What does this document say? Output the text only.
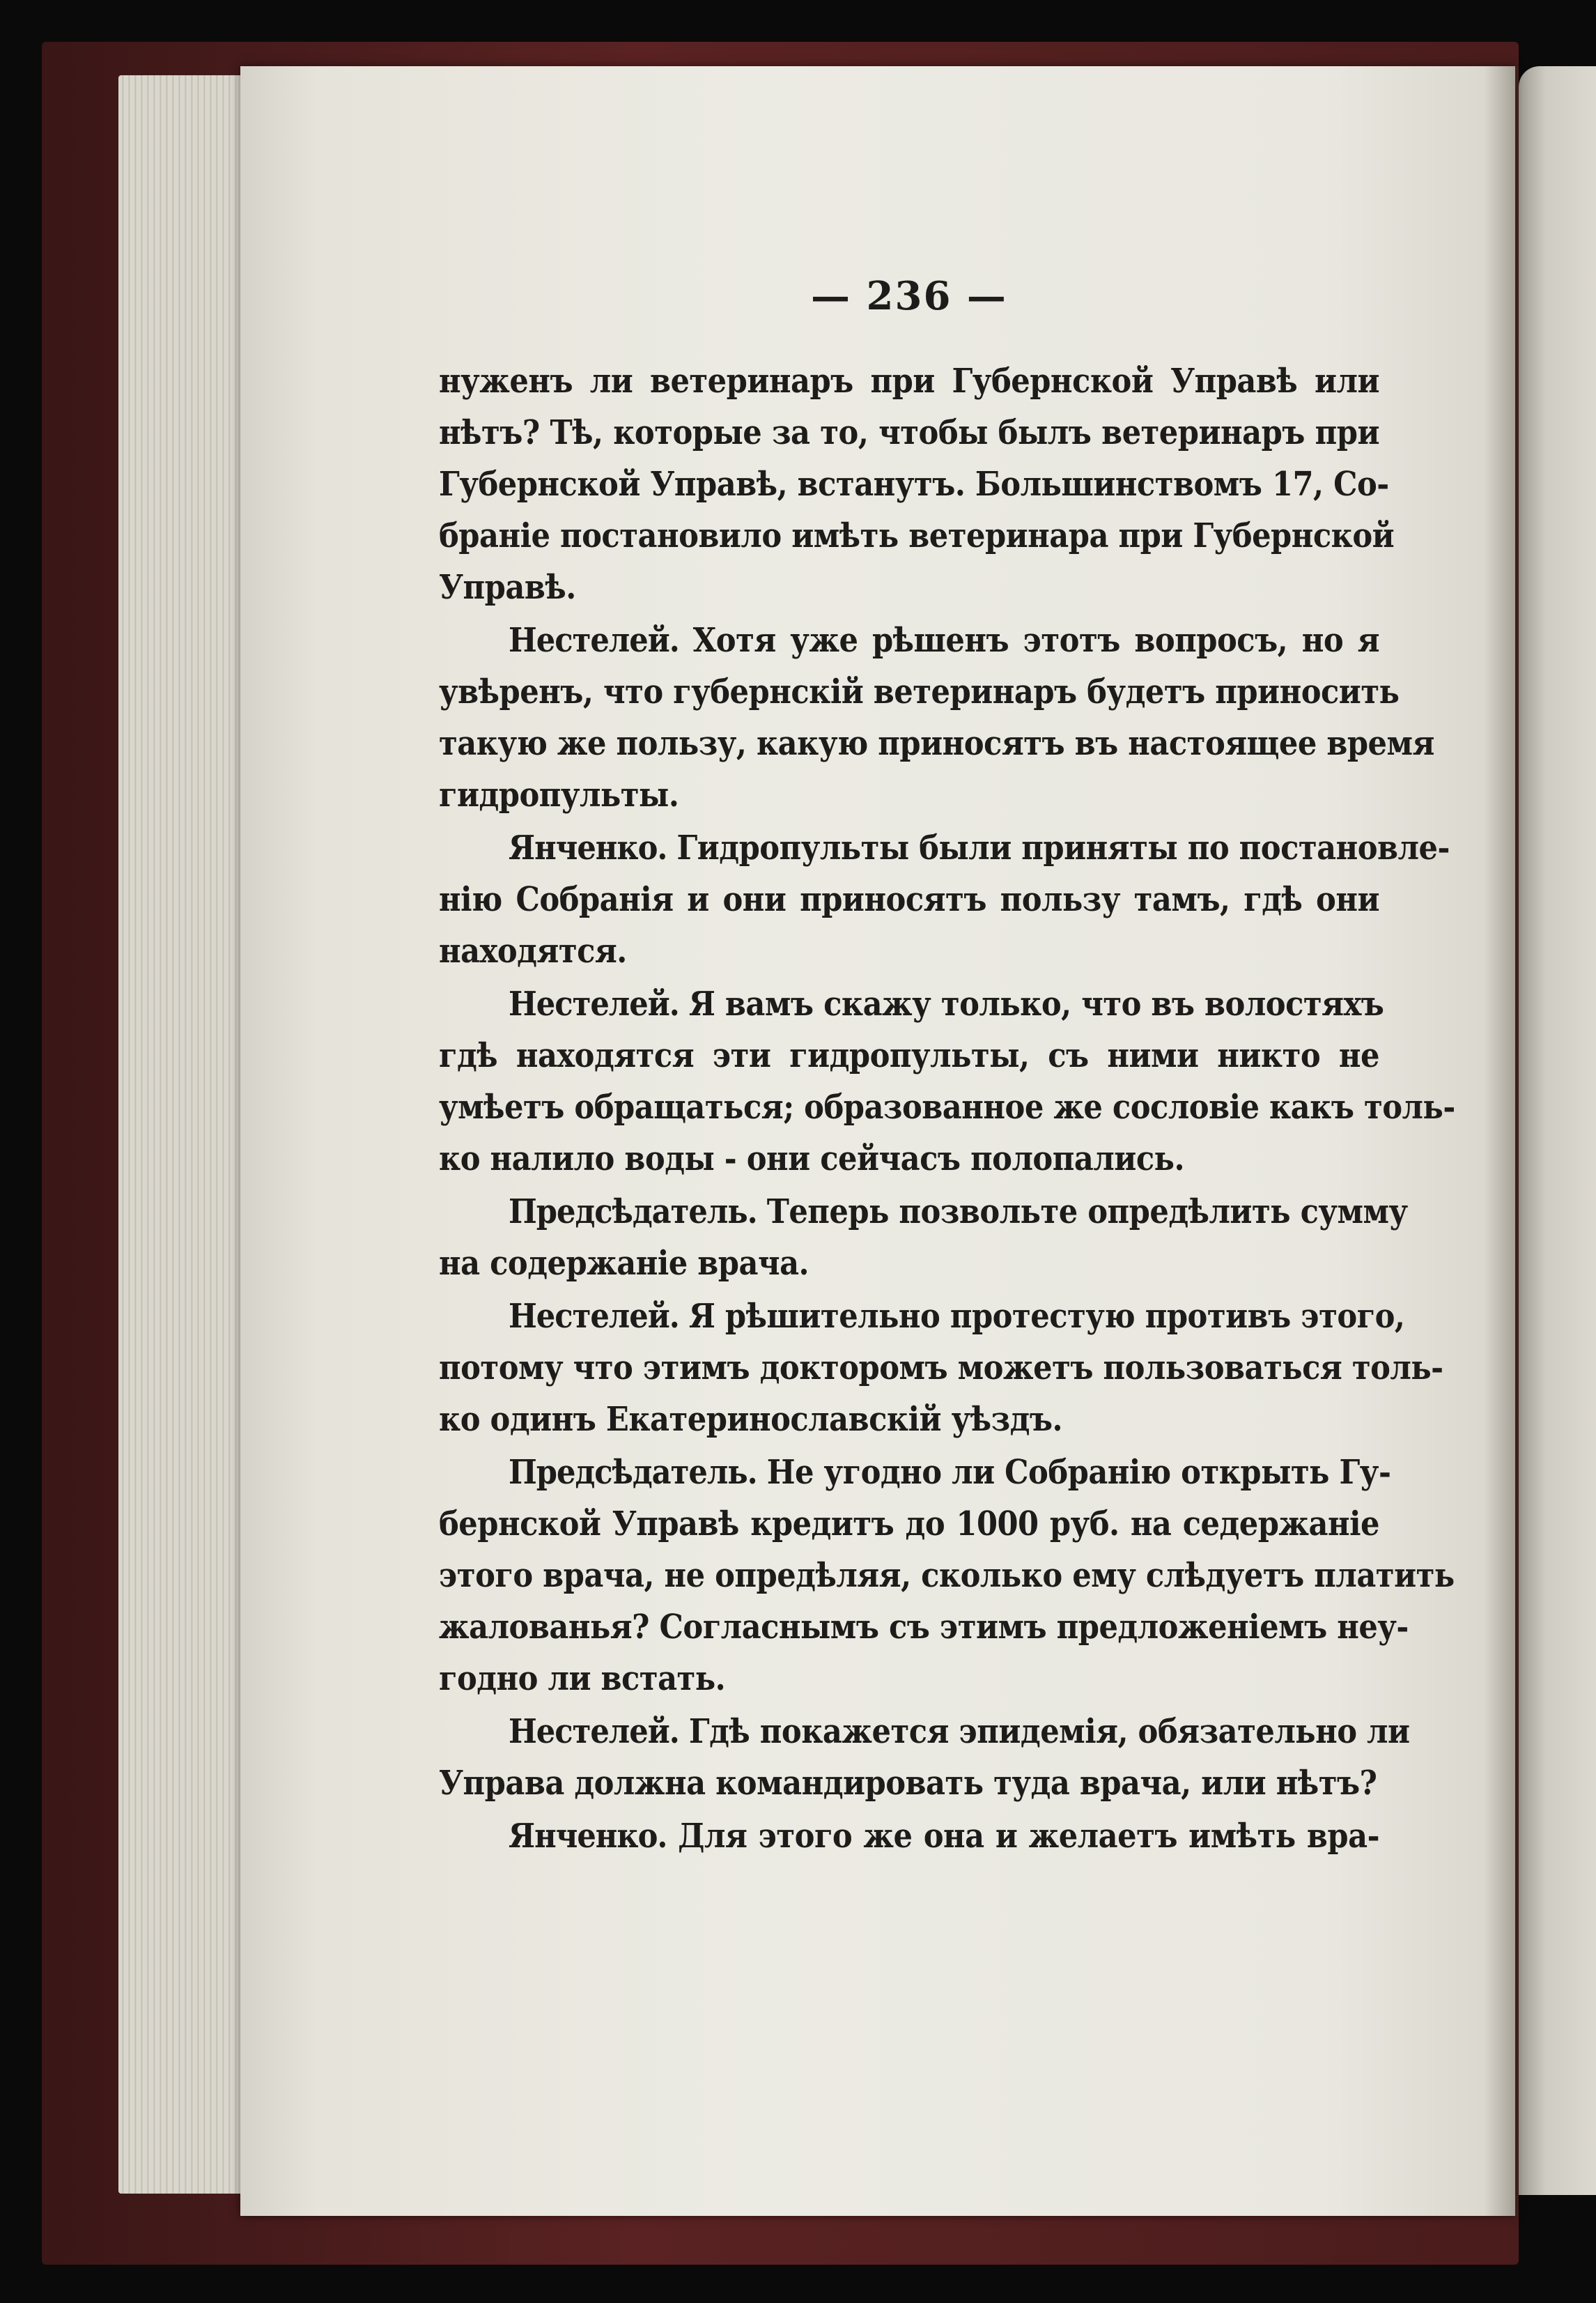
— 236 —
нуженъ ли ветеринаръ при Губернской Управѣ или
нѣтъ? Тѣ, которые за то, чтобы былъ ветеринаръ при
Губернской Управѣ, встанутъ. Большинствомъ 17, Со-
браніе постановило имѣть ветеринара при Губернской
Управѣ.
Нестелей. Хотя уже рѣшенъ этотъ вопросъ, но я
увѣренъ, что губернскій ветеринаръ будетъ приносить
такую же пользу, какую приносятъ въ настоящее время
гидропульты.
Янченко. Гидропульты были приняты по постановле-
нію Собранія и они приносятъ пользу тамъ, гдѣ они
находятся.
Нестелей. Я вамъ скажу только, что въ волостяхъ
гдѣ находятся эти гидропульты, съ ними никто не
умѣетъ обращаться; образованное же сословіе какъ толь-
ко налило воды - они сейчасъ полопались.
Предсѣдатель. Теперь позвольте опредѣлить сумму
на содержаніе врача.
Нестелей. Я рѣшительно протестую противъ этого,
потому что этимъ докторомъ можетъ пользоваться толь-
ко одинъ Екатеринославскій уѣздъ.
Предсѣдатель. Не угодно ли Собранію открыть Гу-
бернской Управѣ кредитъ до 1000 руб. на седержаніе
этого врача, не опредѣляя, сколько ему слѣдуетъ платить
жалованья? Согласнымъ съ этимъ предложеніемъ неу-
годно ли встать.
Нестелей. Гдѣ покажется эпидемія, обязательно ли
Управа должна командировать туда врача, или нѣтъ?
Янченко. Для этого же она и желаетъ имѣть вра-
